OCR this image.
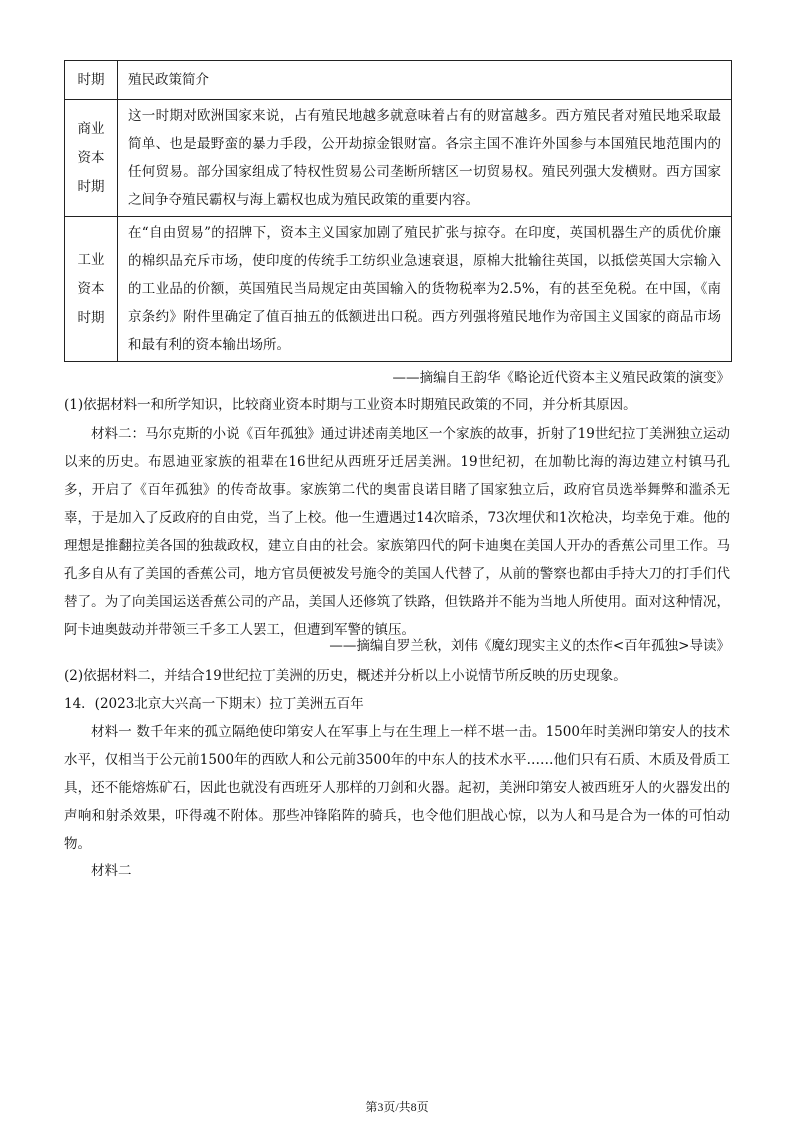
时期	殖民政策简介
商业资本时期	这一时期对欧洲国家来说，占有殖民地越多就意味着占有的财富越多。西方殖民者对殖民地采取最简单、也是最野蛮的暴力手段，公开劫掠金银财富。各宗主国不准许外国参与本国殖民地范围内的任何贸易。部分国家组成了特权性贸易公司垄断所辖区一切贸易权。殖民列强大发横财。西方国家之间争夺殖民霸权与海上霸权也成为殖民政策的重要内容。
工业资本时期	在“自由贸易”的招牌下，资本主义国家加剧了殖民扩张与掠夺。在印度，英国机器生产的质优价廉的棉织品充斥市场，使印度的传统手工纺织业急速衰退，原棉大批输往英国，以抵偿英国大宗输入的工业品的价额，英国殖民当局规定由英国输入的货物税率为2.5%，有的甚至免税。在中国，《南京条约》附件里确定了值百抽五的低额进出口税。西方列强将殖民地作为帝国主义国家的商品市场和最有利的资本输出场所。
——摘编自王韵华《略论近代资本主义殖民政策的演变》
(1)依据材料一和所学知识，比较商业资本时期与工业资本时期殖民政策的不同，并分析其原因。
材料二：马尔克斯的小说《百年孤独》通过讲述南美地区一个家族的故事，折射了19世纪拉丁美洲独立运动以来的历史。布恩迪亚家族的祖辈在16世纪从西班牙迁居美洲。19世纪初，在加勒比海的海边建立村镇马孔多，开启了《百年孤独》的传奇故事。家族第二代的奥雷良诺目睹了国家独立后，政府官员选举舞弊和滥杀无辜，于是加入了反政府的自由党，当了上校。他一生遭遇过14次暗杀，73次埋伏和1次枪决，均幸免于难。他的理想是推翻拉美各国的独裁政权，建立自由的社会。家族第四代的阿卡迪奥在美国人开办的香蕉公司里工作。马孔多自从有了美国的香蕉公司，地方官员便被发号施令的美国人代替了，从前的警察也都由手持大刀的打手们代替了。为了向美国运送香蕉公司的产品，美国人还修筑了铁路，但铁路并不能为当地人所使用。面对这种情况，阿卡迪奥鼓动并带领三千多工人罢工，但遭到军警的镇压。
——摘编自罗兰秋，刘伟《魔幻现实主义的杰作<百年孤独>导读》
(2)依据材料二，并结合19世纪拉丁美洲的历史，概述并分析以上小说情节所反映的历史现象。
14．(2023北京大兴高一下期末）拉丁美洲五百年
材料一 数千年来的孤立隔绝使印第安人在军事上与在生理上一样不堪一击。1500年时美洲印第安人的技术水平，仅相当于公元前1500年的西欧人和公元前3500年的中东人的技术水平……他们只有石质、木质及骨质工具，还不能熔炼矿石，因此也就没有西班牙人那样的刀剑和火器。起初，美洲印第安人被西班牙人的火器发出的声响和射杀效果，吓得魂不附体。那些冲锋陷阵的骑兵，也令他们胆战心惊，以为人和马是合为一体的可怕动物。
材料二
第3页/共8页
